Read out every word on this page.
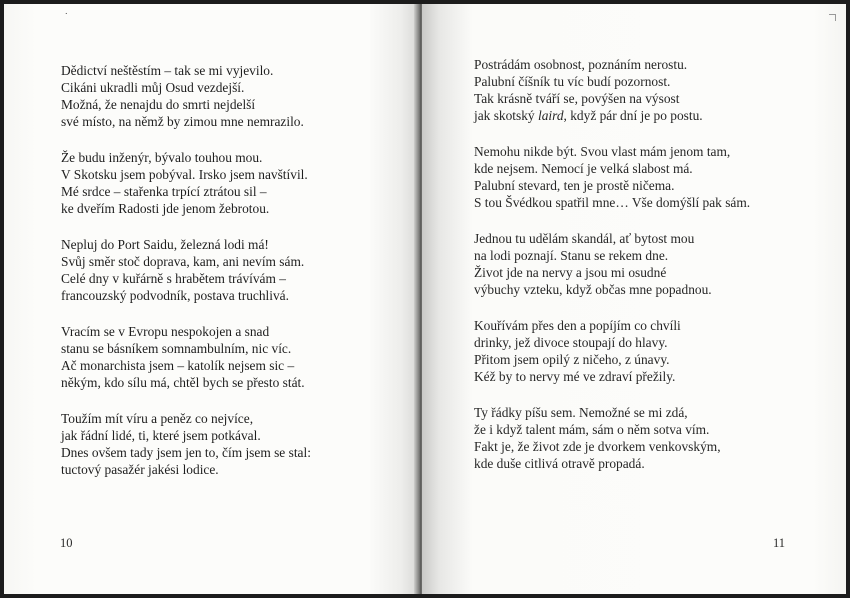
˙
Dědictví neštěstím – tak se mi vyjevilo.
Cikáni ukradli můj Osud vezdejší.
Možná, že nenajdu do smrti nejdelší
své místo, na němž by zimou mne nemrazilo.
Že budu inženýr, bývalo touhou mou.
V Skotsku jsem pobýval. Irsko jsem navštívil.
Mé srdce – stařenka trpící ztrátou sil –
ke dveřím Radosti jde jenom žebrotou.
Nepluj do Port Saidu, železná lodi má!
Svůj směr stoč doprava, kam, ani nevím sám.
Celé dny v kuřárně s hrabětem trávívám –
francouzský podvodník, postava truchlivá.
Vracím se v Evropu nespokojen a snad
stanu se básníkem somnambulním, nic víc.
Ač monarchista jsem – katolík nejsem sic –
někým, kdo sílu má, chtěl bych se přesto stát.
Toužím mít víru a peněz co nejvíce,
jak řádní lidé, ti, které jsem potkával.
Dnes ovšem tady jsem jen to, čím jsem se stal:
tuctový pasažér jakési lodice.
10
Postrádám osobnost, poznáním nerostu.
Palubní číšník tu víc budí pozornost.
Tak krásně tváří se, povýšen na výsost
jak skotský laird, když pár dní je po postu.
Nemohu nikde být. Svou vlast mám jenom tam,
kde nejsem. Nemocí je velká slabost má.
Palubní stevard, ten je prostě ničema.
S tou Švédkou spatřil mne… Vše domýšlí pak sám.
Jednou tu udělám skandál, ať bytost mou
na lodi poznají. Stanu se rekem dne.
Život jde na nervy a jsou mi osudné
výbuchy vzteku, když občas mne popadnou.
Kouřívám přes den a popíjím co chvíli
drinky, jež divoce stoupají do hlavy.
Přitom jsem opilý z ničeho, z únavy.
Kéž by to nervy mé ve zdraví přežily.
Ty řádky píšu sem. Nemožné se mi zdá,
že i když talent mám, sám o něm sotva vím.
Fakt je, že život zde je dvorkem venkovským,
kde duše citlivá otravě propadá.
11
